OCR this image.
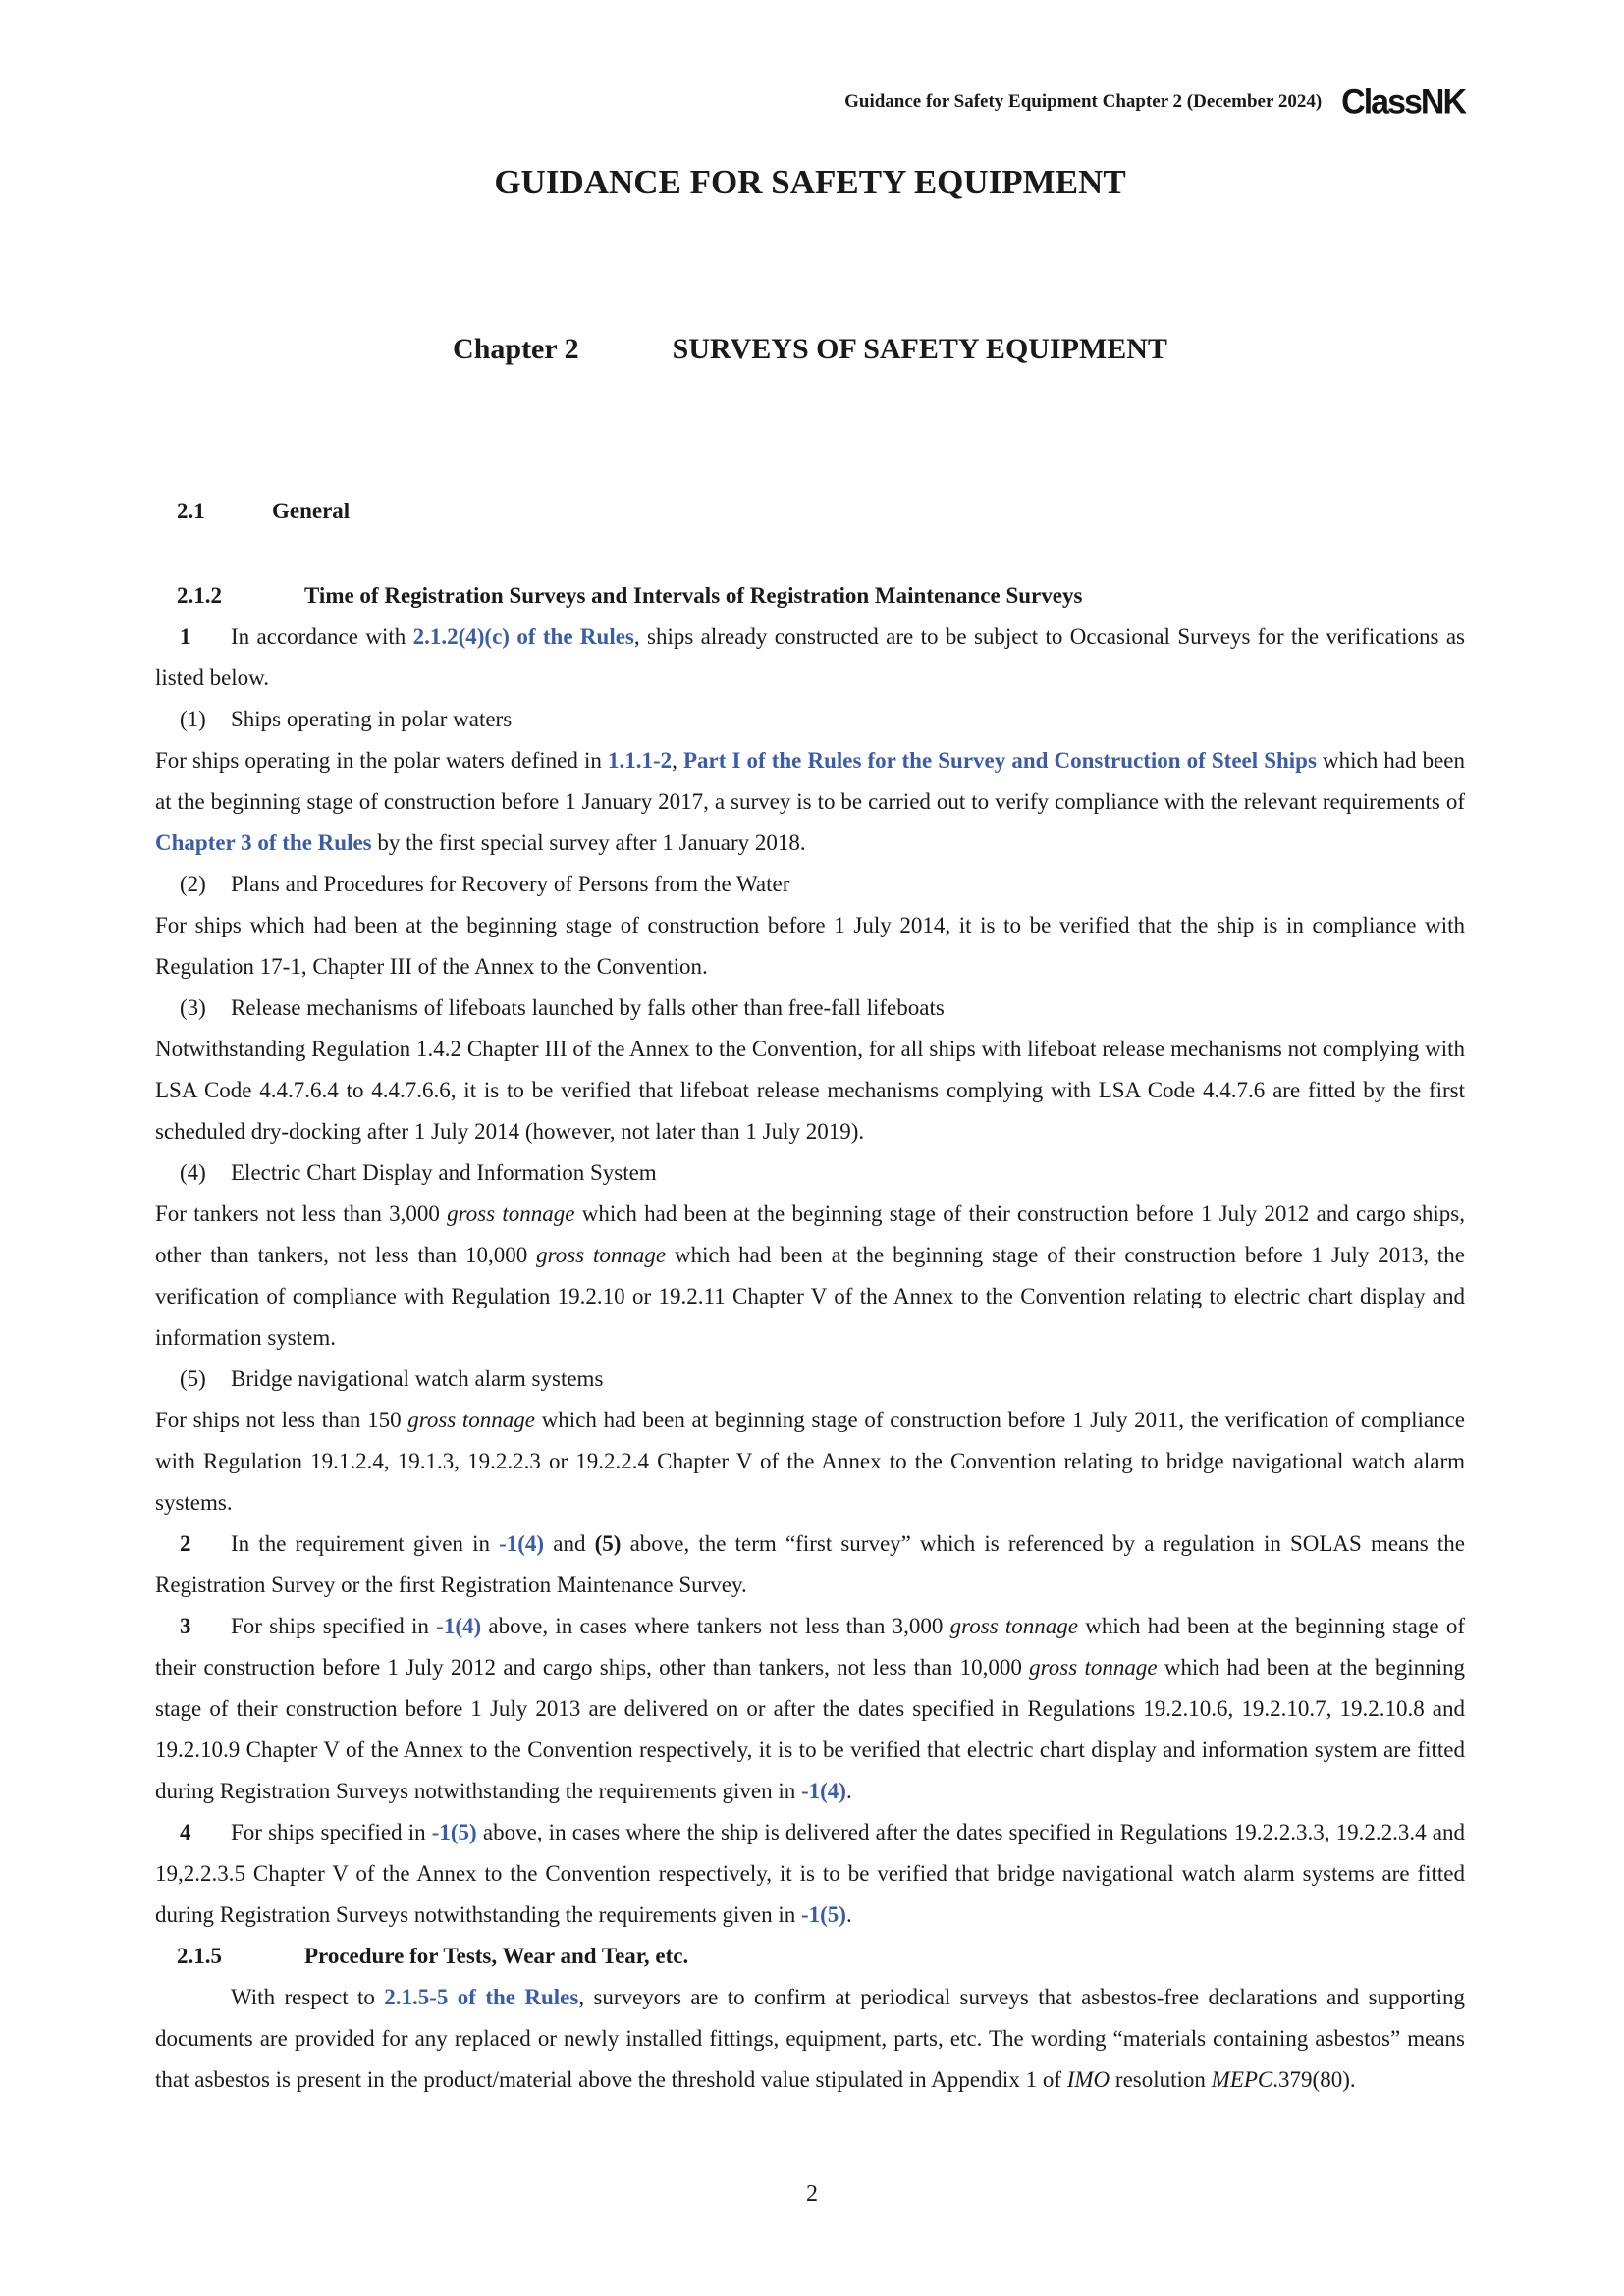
Guidance for Safety Equipment Chapter 2 (December 2024) ClassNK
GUIDANCE FOR SAFETY EQUIPMENT
Chapter 2	SURVEYS OF SAFETY EQUIPMENT

2.1	General

2.1.2	Time of Registration Surveys and Intervals of Registration Maintenance Surveys

1 In accordance with 2.1.2(4)(c) of the Rules, ships already constructed are to be subject to Occasional Surveys for the verifications as listed below.

(1) Ships operating in polar waters

For ships operating in the polar waters defined in 1.1.1-2, Part I of the Rules for the Survey and Construction of Steel Ships which had been at the beginning stage of construction before 1 January 2017, a survey is to be carried out to verify compliance with the relevant requirements of Chapter 3 of the Rules by the first special survey after 1 January 2018.

(2) Plans and Procedures for Recovery of Persons from the Water

For ships which had been at the beginning stage of construction before 1 July 2014, it is to be verified that the ship is in compliance with Regulation 17-1, Chapter III of the Annex to the Convention.

(3) Release mechanisms of lifeboats launched by falls other than free-fall lifeboats

Notwithstanding Regulation 1.4.2 Chapter III of the Annex to the Convention, for all ships with lifeboat release mechanisms not complying with LSA Code 4.4.7.6.4 to 4.4.7.6.6, it is to be verified that lifeboat release mechanisms complying with LSA Code 4.4.7.6 are fitted by the first scheduled dry-docking after 1 July 2014 (however, not later than 1 July 2019).

(4) Electric Chart Display and Information System

For tankers not less than 3,000 gross tonnage which had been at the beginning stage of their construction before 1 July 2012 and cargo ships, other than tankers, not less than 10,000 gross tonnage which had been at the beginning stage of their construction before 1 July 2013, the verification of compliance with Regulation 19.2.10 or 19.2.11 Chapter V of the Annex to the Convention relating to electric chart display and information system.

(5) Bridge navigational watch alarm systems

For ships not less than 150 gross tonnage which had been at beginning stage of construction before 1 July 2011, the verification of compliance with Regulation 19.1.2.4, 19.1.3, 19.2.2.3 or 19.2.2.4 Chapter V of the Annex to the Convention relating to bridge navigational watch alarm systems.

2 In the requirement given in -1(4) and (5) above, the term “first survey” which is referenced by a regulation in SOLAS means the Registration Survey or the first Registration Maintenance Survey.

3 For ships specified in -1(4) above, in cases where tankers not less than 3,000 gross tonnage which had been at the beginning stage of their construction before 1 July 2012 and cargo ships, other than tankers, not less than 10,000 gross tonnage which had been at the beginning stage of their construction before 1 July 2013 are delivered on or after the dates specified in Regulations 19.2.10.6, 19.2.10.7, 19.2.10.8 and 19.2.10.9 Chapter V of the Annex to the Convention respectively, it is to be verified that electric chart display and information system are fitted during Registration Surveys notwithstanding the requirements given in -1(4).

4 For ships specified in -1(5) above, in cases where the ship is delivered after the dates specified in Regulations 19.2.2.3.3, 19.2.2.3.4 and 19,2.2.3.5 Chapter V of the Annex to the Convention respectively, it is to be verified that bridge navigational watch alarm systems are fitted during Registration Surveys notwithstanding the requirements given in -1(5).

2.1.5	Procedure for Tests, Wear and Tear, etc.

With respect to 2.1.5-5 of the Rules, surveyors are to confirm at periodical surveys that asbestos-free declarations and supporting documents are provided for any replaced or newly installed fittings, equipment, parts, etc. The wording “materials containing asbestos” means that asbestos is present in the product/material above the threshold value stipulated in Appendix 1 of IMO resolution MEPC.379(80).

2
